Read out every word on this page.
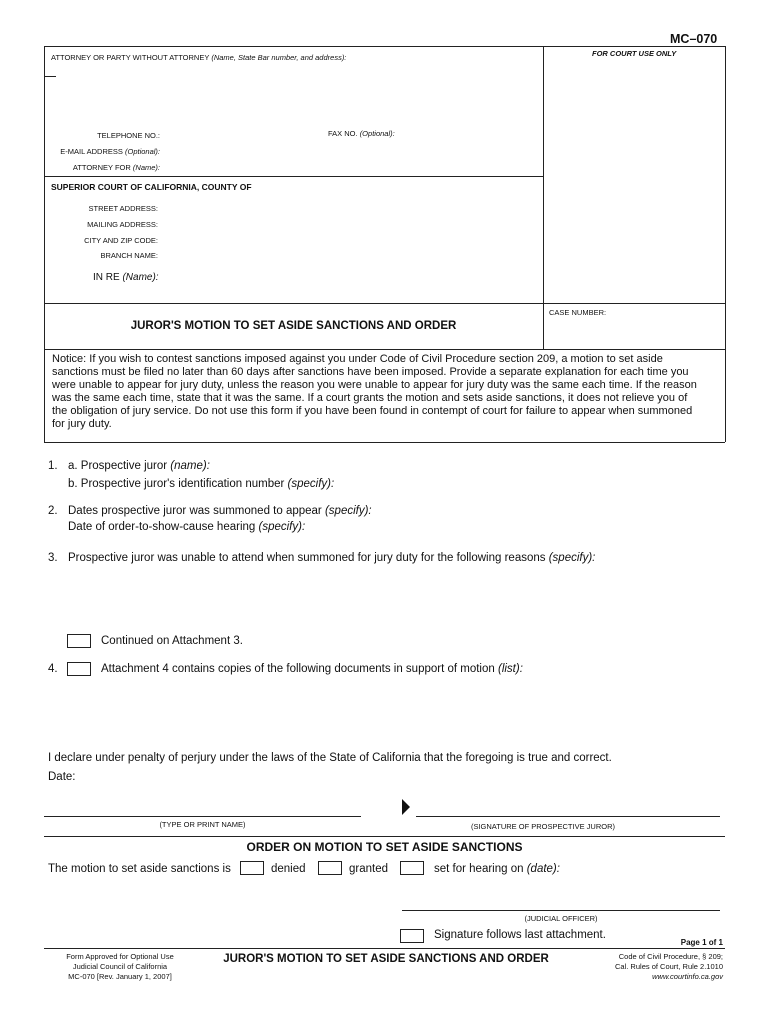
MC–070
ATTORNEY OR PARTY WITHOUT ATTORNEY (Name, State Bar number, and address):	FOR COURT USE ONLY
TELEPHONE NO.:	FAX NO. (Optional):
E-MAIL ADDRESS (Optional):
ATTORNEY FOR (Name):
SUPERIOR COURT OF CALIFORNIA, COUNTY OF
STREET ADDRESS:
MAILING ADDRESS:
CITY AND ZIP CODE:
BRANCH NAME:
IN RE (Name):
CASE NUMBER:
JUROR'S MOTION TO SET ASIDE SANCTIONS AND ORDER
Notice: If you wish to contest sanctions imposed against you under Code of Civil Procedure section 209, a motion to set aside
sanctions must be filed no later than 60 days after sanctions have been imposed. Provide a separate explanation for each time you
were unable to appear for jury duty, unless the reason you were unable to appear for jury duty was the same each time. If the reason
was the same each time, state that it was the same. If a court grants the motion and sets aside sanctions, it does not relieve you of
the obligation of jury service. Do not use this form if you have been found in contempt of court for failure to appear when summoned
for jury duty.
1. a. Prospective juror (name):
b. Prospective juror's identification number (specify):
2. Dates prospective juror was summoned to appear (specify):
Date of order-to-show-cause hearing (specify):
3. Prospective juror was unable to attend when summoned for jury duty for the following reasons (specify):
Continued on Attachment 3.
4.	Attachment 4 contains copies of the following documents in support of motion (list):
I declare under penalty of perjury under the laws of the State of California that the foregoing is true and correct.
Date:
(TYPE OR PRINT NAME)	(SIGNATURE OF PROSPECTIVE JUROR)
ORDER ON MOTION TO SET ASIDE SANCTIONS
The motion to set aside sanctions is	denied	granted	set for hearing on (date):
(JUDICIAL OFFICER)
Signature follows last attachment.
Page 1 of 1
Form Approved for Optional Use
Judicial Council of California
MC-070 [Rev. January 1, 2007]
JUROR'S MOTION TO SET ASIDE SANCTIONS AND ORDER	Code of Civil Procedure, § 209;
Cal. Rules of Court, Rule 2.1010
www.courtinfo.ca.gov
